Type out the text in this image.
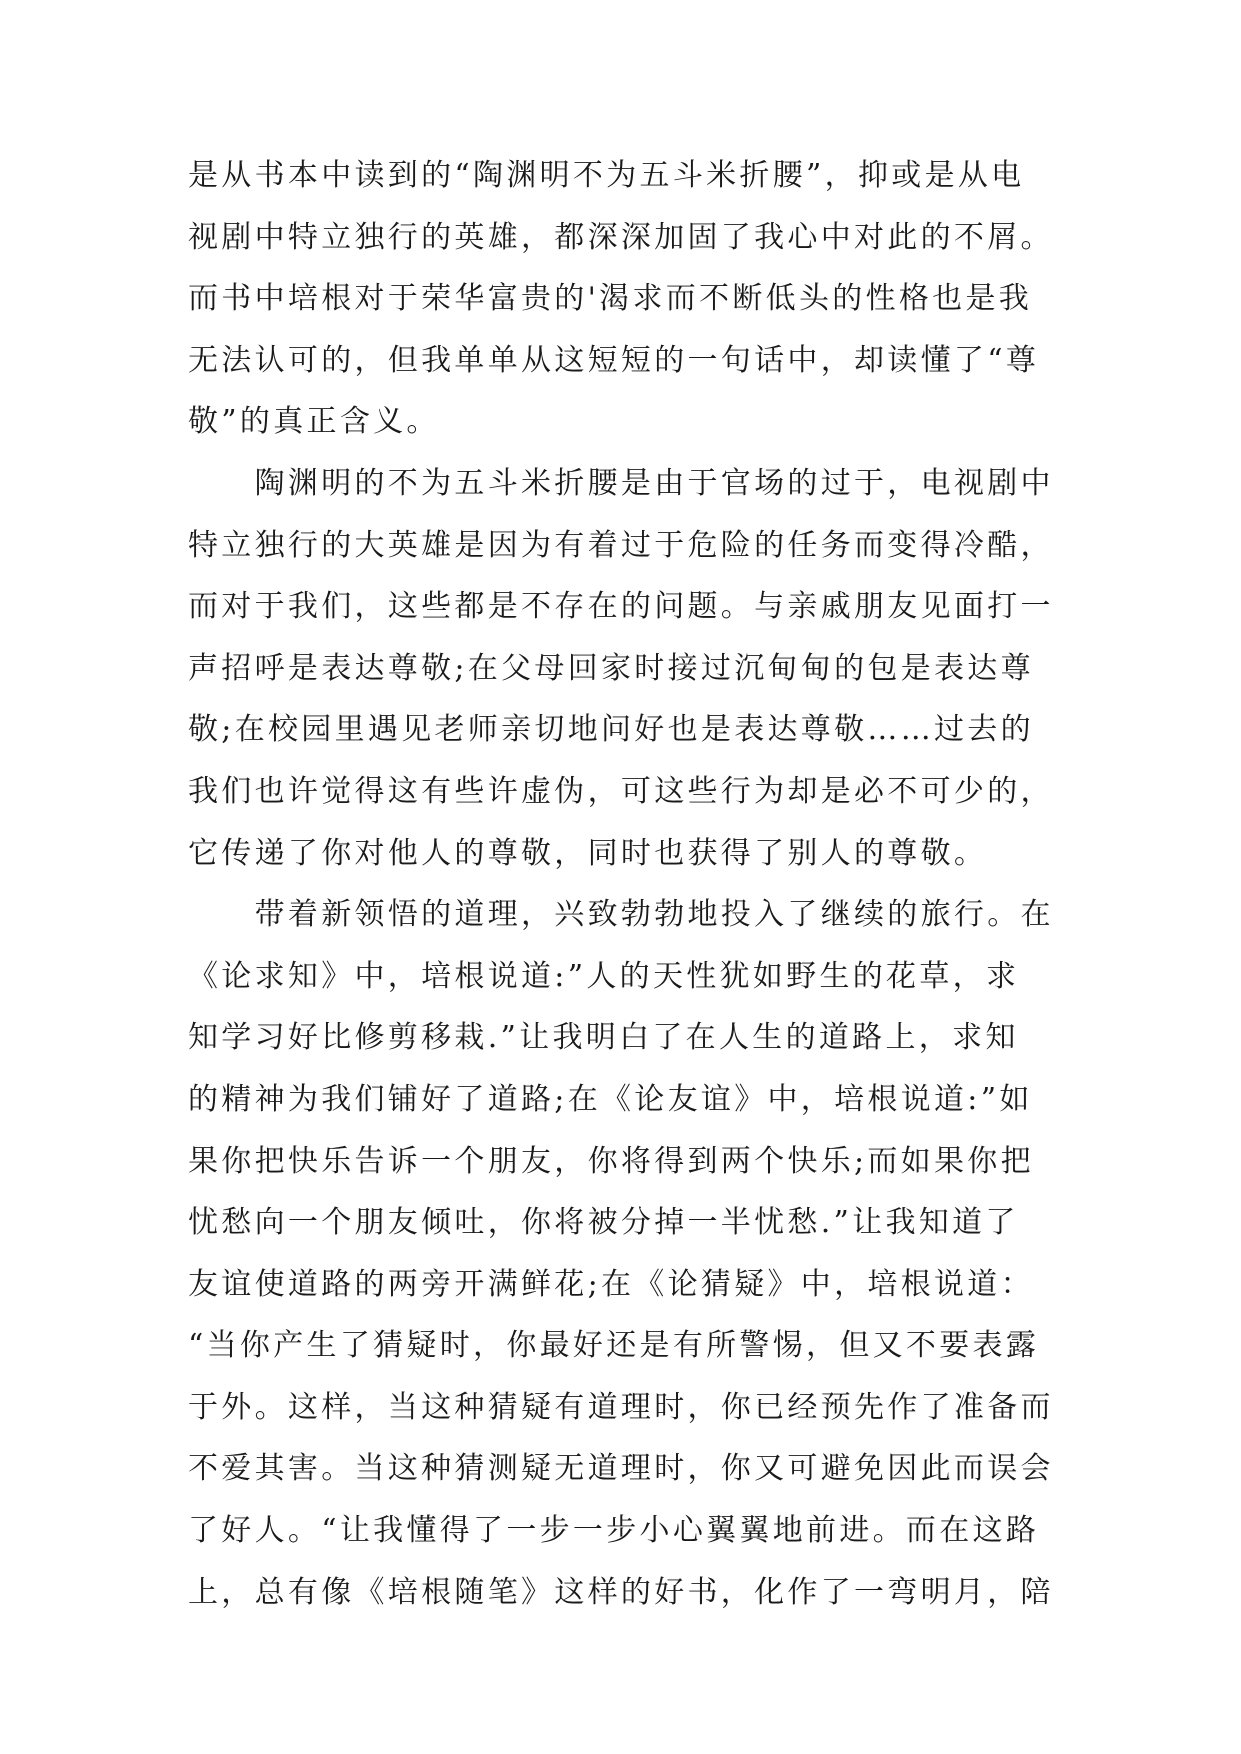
是从书本中读到的“陶渊明不为五斗米折腰”，抑或是从电
视剧中特立独行的英雄，都深深加固了我心中对此的不屑。
而书中培根对于荣华富贵的'渴求而不断低头的性格也是我
无法认可的，但我单单从这短短的一句话中，却读懂了“尊
敬”的真正含义。
　　陶渊明的不为五斗米折腰是由于官场的过于，电视剧中
特立独行的大英雄是因为有着过于危险的任务而变得冷酷，
而对于我们，这些都是不存在的问题。与亲戚朋友见面打一
声招呼是表达尊敬;在父母回家时接过沉甸甸的包是表达尊
敬;在校园里遇见老师亲切地问好也是表达尊敬……过去的
我们也许觉得这有些许虚伪，可这些行为却是必不可少的，
它传递了你对他人的尊敬，同时也获得了别人的尊敬。
　　带着新领悟的道理，兴致勃勃地投入了继续的旅行。在
《论求知》中，培根说道:”人的天性犹如野生的花草，求
知学习好比修剪移栽.”让我明白了在人生的道路上，求知
的精神为我们铺好了道路;在《论友谊》中，培根说道:”如
果你把快乐告诉一个朋友，你将得到两个快乐;而如果你把
忧愁向一个朋友倾吐，你将被分掉一半忧愁.”让我知道了
友谊使道路的两旁开满鲜花;在《论猜疑》中，培根说道：
“当你产生了猜疑时，你最好还是有所警惕，但又不要表露
于外。这样，当这种猜疑有道理时，你已经预先作了准备而
不爱其害。当这种猜测疑无道理时，你又可避免因此而误会
了好人。“让我懂得了一步一步小心翼翼地前进。而在这路
上，总有像《培根随笔》这样的好书，化作了一弯明月，陪
